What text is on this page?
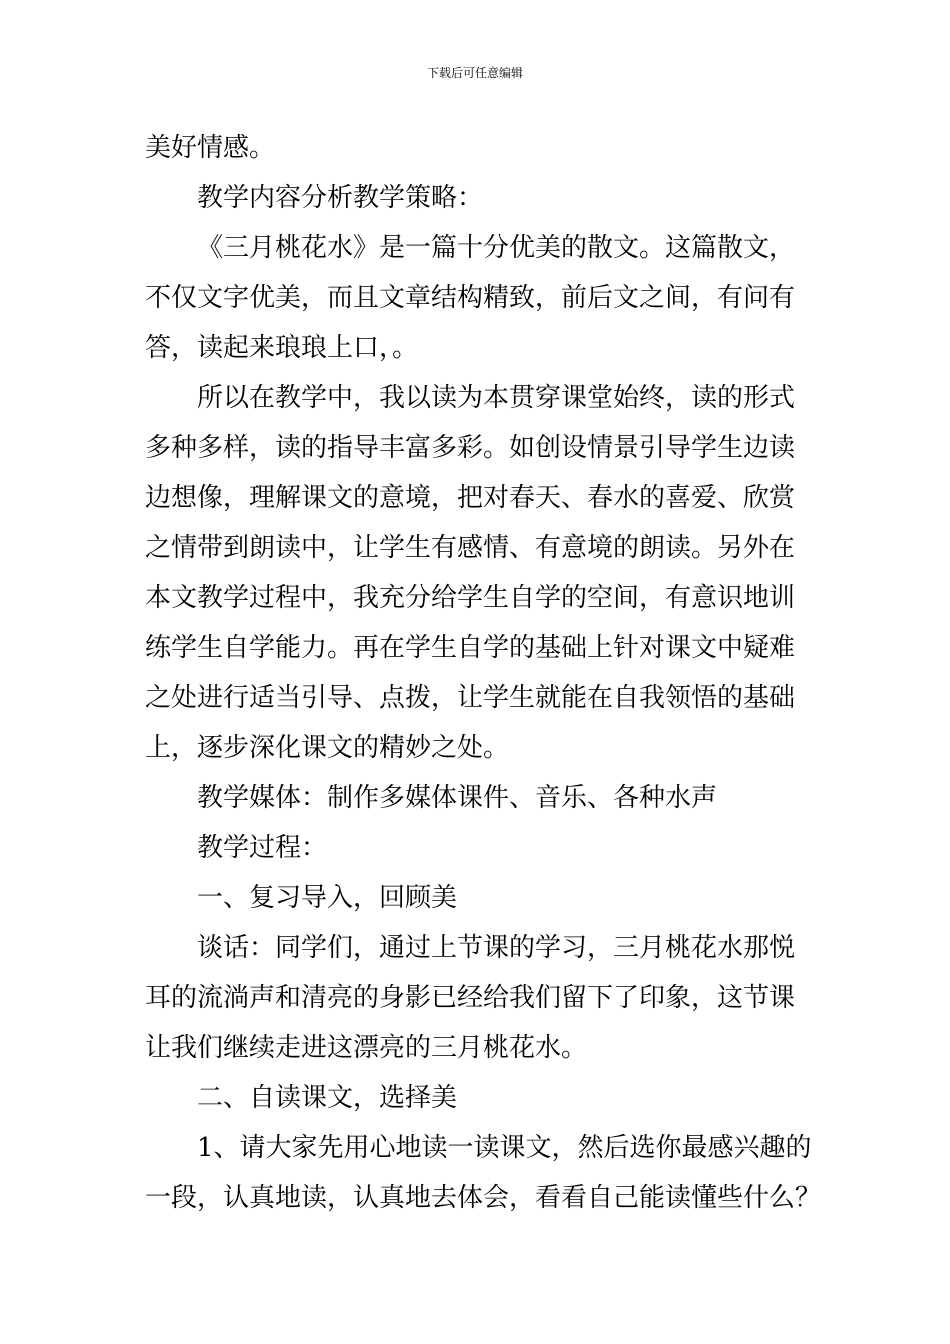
下载后可任意编辑
美好情感。
教学内容分析教学策略：
《三月桃花水》是一篇十分优美的散文。这篇散文，
不仅文字优美，而且文章结构精致，前后文之间，有问有
答，读起来琅琅上口，。
所以在教学中，我以读为本贯穿课堂始终，读的形式
多种多样，读的指导丰富多彩。如创设情景引导学生边读
边想像，理解课文的意境，把对春天、春水的喜爱、欣赏
之情带到朗读中，让学生有感情、有意境的朗读。另外在
本文教学过程中，我充分给学生自学的空间，有意识地训
练学生自学能力。再在学生自学的基础上针对课文中疑难
之处进行适当引导、点拨，让学生就能在自我领悟的基础
上，逐步深化课文的精妙之处。
教学媒体：制作多媒体课件、音乐、各种水声
教学过程：
一、复习导入，回顾美
谈话：同学们，通过上节课的学习，三月桃花水那悦
耳的流淌声和清亮的身影已经给我们留下了印象，这节课
让我们继续走进这漂亮的三月桃花水。
二、自读课文，选择美
1、请大家先用心地读一读课文，然后选你最感兴趣的
一段，认真地读，认真地去体会，看看自己能读懂些什么？
